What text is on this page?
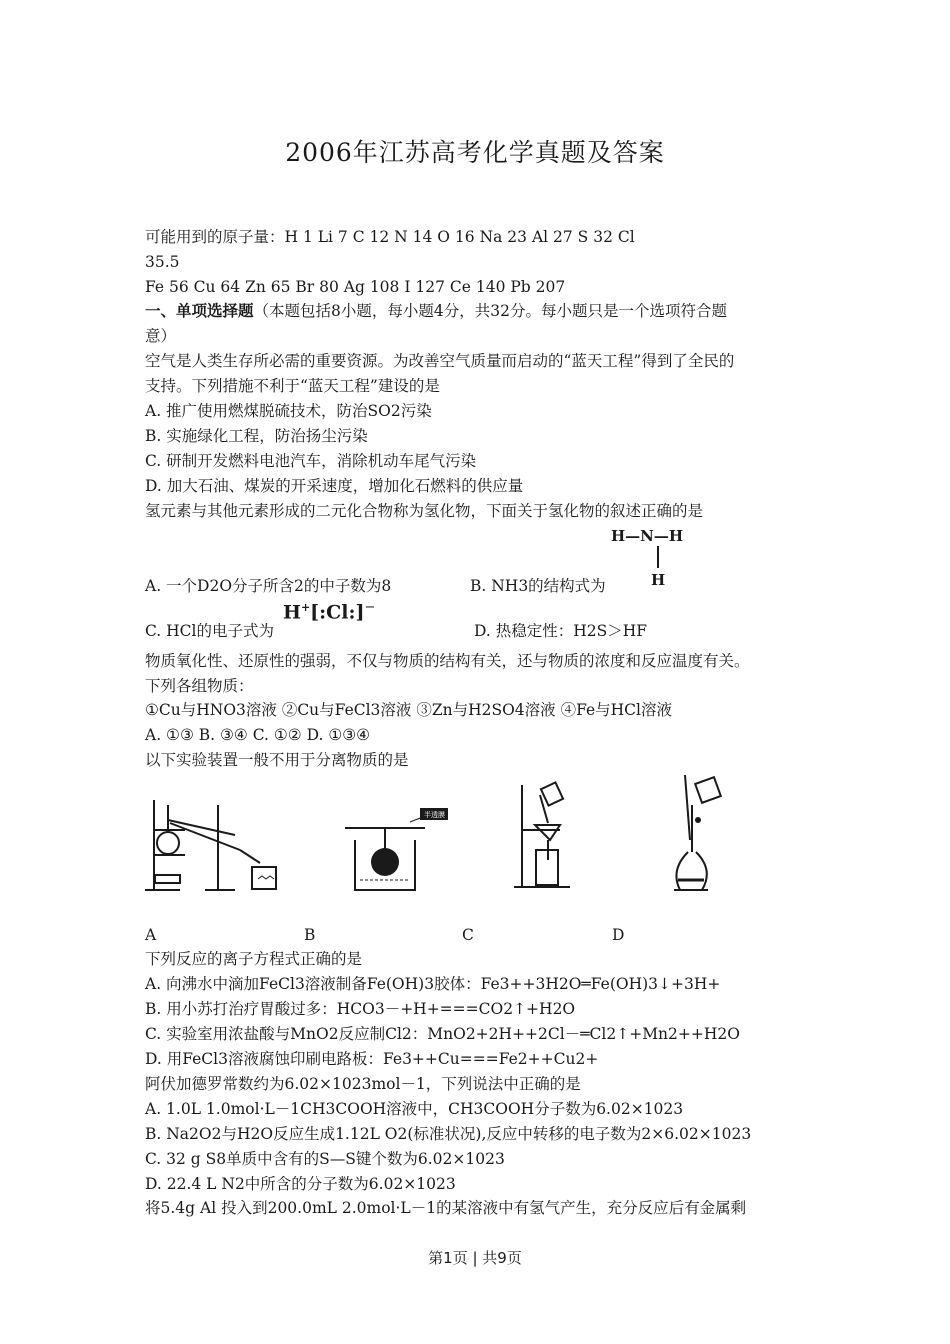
2006年江苏高考化学真题及答案
可能用到的原子量：H 1 Li 7 C 12 N 14 O 16 Na 23 Al 27 S 32 Cl
35.5
Fe 56 Cu 64 Zn 65 Br 80 Ag 108 I 127 Ce 140 Pb 207
一、单项选择题（本题包括8小题，每小题4分，共32分。每小题只是一个选项符合题
意）
空气是人类生存所必需的重要资源。为改善空气质量而启动的“蓝天工程”得到了全民的
支持。下列措施不利于“蓝天工程”建设的是
A. 推广使用燃煤脱硫技术，防治SO2污染
B. 实施绿化工程，防治扬尘污染
C. 研制开发燃料电池汽车，消除机动车尾气污染
D. 加大石油、煤炭的开采速度，增加化石燃料的供应量
氢元素与其他元素形成的二元化合物称为氢化物，下面关于氢化物的叙述正确的是
H—N—H
H
A. 一个D2O分子所含2的中子数为8	B. NH3的结构式为
C. HCl的电子式为
H+[:Cl:]−
D. 热稳定性：H2S＞HF
物质氧化性、还原性的强弱，不仅与物质的结构有关，还与物质的浓度和反应温度有关。
下列各组物质：
①Cu与HNO3溶液 ②Cu与FeCl3溶液 ③Zn与H2SO4溶液 ④Fe与HCl溶液
A. ①③ B. ③④ C. ①② D. ①③④
以下实验装置一般不用于分离物质的是
半透膜
A	B	C	D
下列反应的离子方程式正确的是
A. 向沸水中滴加FeCl3溶液制备Fe(OH)3胶体：Fe3++3H2O═Fe(OH)3↓+3H+
B. 用小苏打治疗胃酸过多：HCO3－+H+===CO2↑+H2O
C. 实验室用浓盐酸与MnO2反应制Cl2：MnO2+2H++2Cl－═Cl2↑+Mn2++H2O
D. 用FeCl3溶液腐蚀印刷电路板：Fe3++Cu===Fe2++Cu2+
阿伏加德罗常数约为6.02×1023mol－1，下列说法中正确的是
A. 1.0L 1.0mol·L－1CH3COOH溶液中，CH3COOH分子数为6.02×1023
B. Na2O2与H2O反应生成1.12L O2(标准状况),反应中转移的电子数为2×6.02×1023
C. 32 g S8单质中含有的S—S键个数为6.02×1023
D. 22.4 L N2中所含的分子数为6.02×1023
将5.4g Al 投入到200.0mL 2.0mol·L－1的某溶液中有氢气产生，充分反应后有金属剩
第1页 | 共9页
